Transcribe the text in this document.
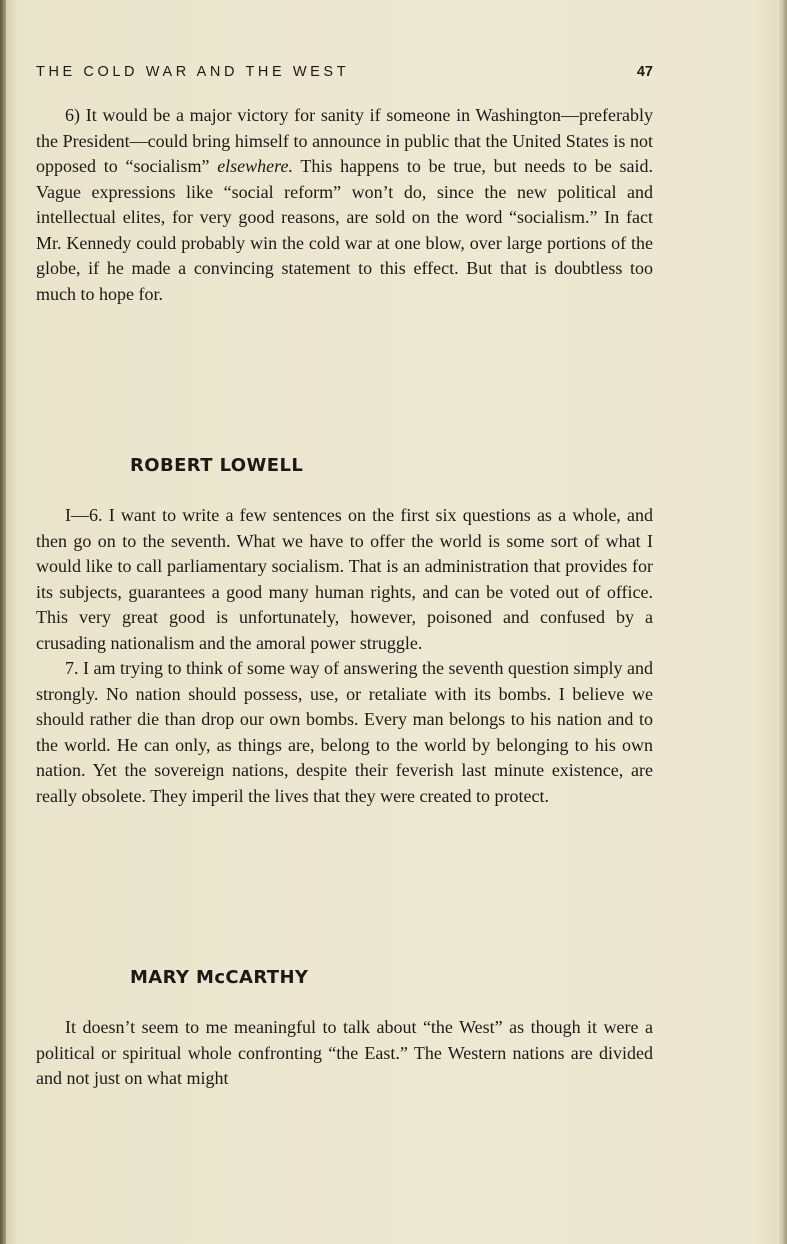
THE COLD WAR AND THE WEST	47

6) It would be a major victory for sanity if someone in Washington—preferably the President—could bring himself to announce in public that the United States is not opposed to “socialism” elsewhere. This happens to be true, but needs to be said. Vague expressions like “social reform” won’t do, since the new political and intellectual elites, for very good reasons, are sold on the word “socialism.” In fact Mr. Kennedy could probably win the cold war at one blow, over large portions of the globe, if he made a convincing statement to this effect. But that is doubtless too much to hope for.

ROBERT LOWELL

I—6. I want to write a few sentences on the first six questions as a whole, and then go on to the seventh. What we have to offer the world is some sort of what I would like to call parliamentary socialism. That is an administration that provides for its subjects, guarantees a good many human rights, and can be voted out of office. This very great good is unfortunately, however, poisoned and confused by a crusading nationalism and the amoral power struggle.

7. I am trying to think of some way of answering the seventh question simply and strongly. No nation should possess, use, or retaliate with its bombs. I believe we should rather die than drop our own bombs. Every man belongs to his nation and to the world. He can only, as things are, belong to the world by belonging to his own nation. Yet the sovereign nations, despite their feverish last minute existence, are really obsolete. They imperil the lives that they were created to protect.

MARY McCARTHY

It doesn’t seem to me meaningful to talk about “the West” as though it were a political or spiritual whole confronting “the East.” The Western nations are divided and not just on what might
